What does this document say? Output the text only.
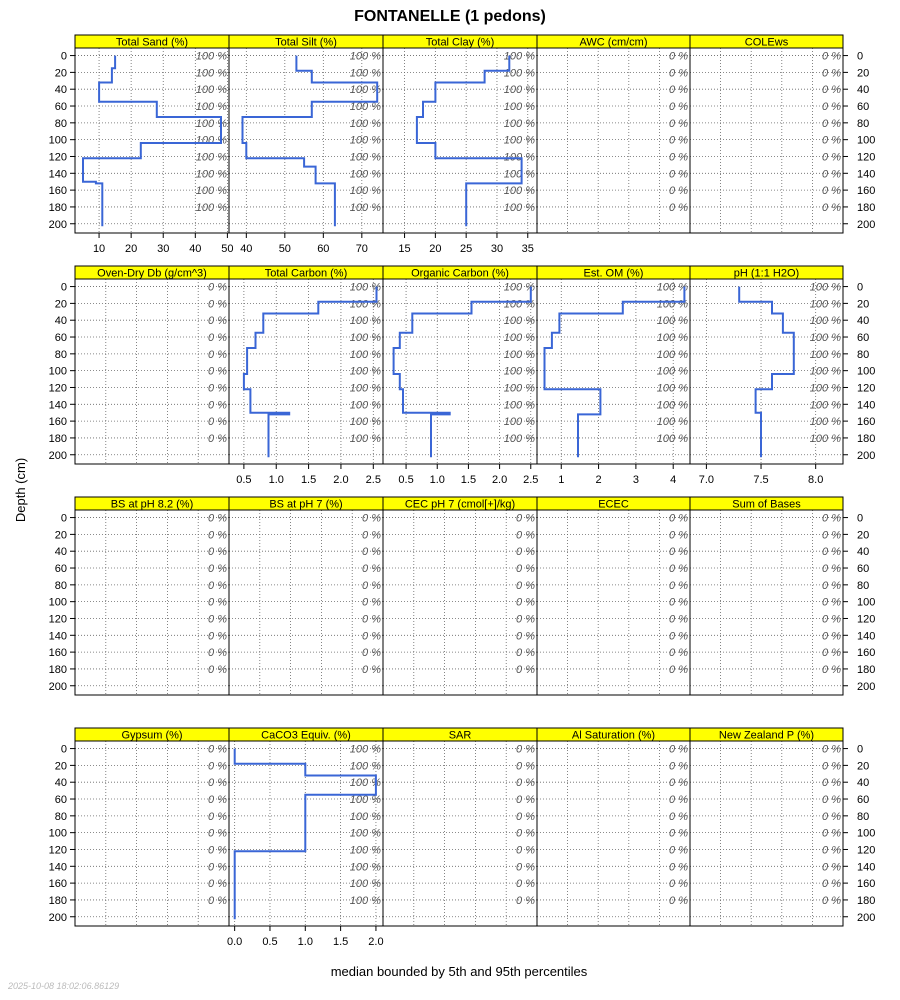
FONTANELLE (1 pedons)
Depth (cm)
median bounded by 5th and 95th percentiles
2025-10-08 18:02:06.86129
Total Sand (%)
10 20 30 40 50
100 %
100 %
100 %
100 %
100 %
100 %
100 %
100 %
100 %
100 %
0
20
40
60
80
100
120
140
160
180
200
Total Silt (%)
40 50 60 70
100 %
100 %
100 %
100 %
100 %
100 %
100 %
100 %
100 %
100 %
Total Clay (%)
15 20 25 30 35
100 %
100 %
100 %
100 %
100 %
100 %
100 %
100 %
100 %
100 %
AWC (cm/cm)
0 %
0 %
0 %
0 %
0 %
0 %
0 %
0 %
0 %
0 %
COLEws
0 %
0 %
0 %
0 %
0 %
0 %
0 %
0 %
0 %
0 %
0
20
40
60
80
100
120
140
160
180
200
Oven-Dry Db (g/cm^3)
0 %
0 %
0 %
0 %
0 %
0 %
0 %
0 %
0 %
0 %
0
20
40
60
80
100
120
140
160
180
200
Total Carbon (%)
0.5 1.0 1.5 2.0 2.5
100 %
100 %
100 %
100 %
100 %
100 %
100 %
100 %
100 %
100 %
Organic Carbon (%)
0.5 1.0 1.5 2.0 2.5
100 %
100 %
100 %
100 %
100 %
100 %
100 %
100 %
100 %
100 %
Est. OM (%)
1	2	3	4
100 %
100 %
100 %
100 %
100 %
100 %
100 %
100 %
100 %
100 %
pH (1:1 H2O)
7.0	7.5	8.0
100 %
100 %
100 %
100 %
100 %
100 %
100 %
100 %
100 %
100 %
0
20
40
60
80
100
120
140
160
180
200
BS at pH 8.2 (%)
0 %
0 %
0 %
0 %
0 %
0 %
0 %
0 %
0 %
0 %
0
20
40
60
80
100
120
140
160
180
200
BS at pH 7 (%)
0 %
0 %
0 %
0 %
0 %
0 %
0 %
0 %
0 %
0 %
CEC pH 7 (cmol[+]/kg)
0 %
0 %
0 %
0 %
0 %
0 %
0 %
0 %
0 %
0 %
ECEC
0 %
0 %
0 %
0 %
0 %
0 %
0 %
0 %
0 %
0 %
Sum of Bases
0 %
0 %
0 %
0 %
0 %
0 %
0 %
0 %
0 %
0 %
0
20
40
60
80
100
120
140
160
180
200
Gypsum (%)
0 %
0 %
0 %
0 %
0 %
0 %
0 %
0 %
0 %
0 %
0
20
40
60
80
100
120
140
160
180
200
CaCO3 Equiv. (%)
0.0 0.5 1.0 1.5 2.0
100 %
100 %
100 %
100 %
100 %
100 %
100 %
100 %
100 %
100 %
SAR
0 %
0 %
0 %
0 %
0 %
0 %
0 %
0 %
0 %
0 %
Al Saturation (%)
0 %
0 %
0 %
0 %
0 %
0 %
0 %
0 %
0 %
0 %
New Zealand P (%)
0 %
0 %
0 %
0 %
0 %
0 %
0 %
0 %
0 %
0 %
0
20
40
60
80
100
120
140
160
180
200
